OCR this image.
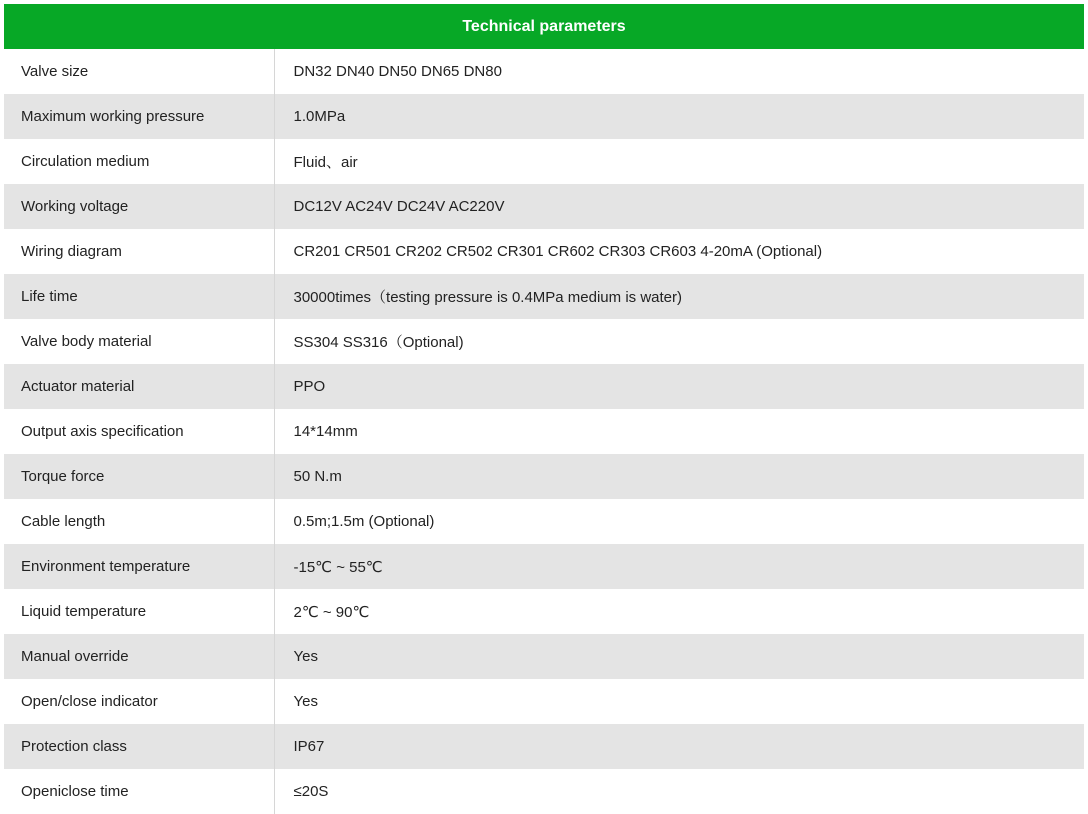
Technical parameters	
Valve size	DN32 DN40 DN50 DN65 DN80
Maximum working pressure	1.0MPa
Circulation medium	Fluid、air
Working voltage	DC12V AC24V DC24V AC220V
Wiring diagram	CR201 CR501 CR202 CR502 CR301 CR602 CR303 CR603 4-20mA (Optional)
Life time	30000times（testing pressure is 0.4MPa medium is water)
Valve body material	SS304 SS316（Optional)
Actuator material	PPO
Output axis specification	14*14mm
Torque force	50 N.m
Cable length	0.5m;1.5m (Optional)
Environment temperature	-15℃ ~ 55℃
Liquid temperature	2℃ ~ 90℃
Manual override	Yes
Open/close indicator	Yes
Protection class	IP67
Openiclose time	≤20S
